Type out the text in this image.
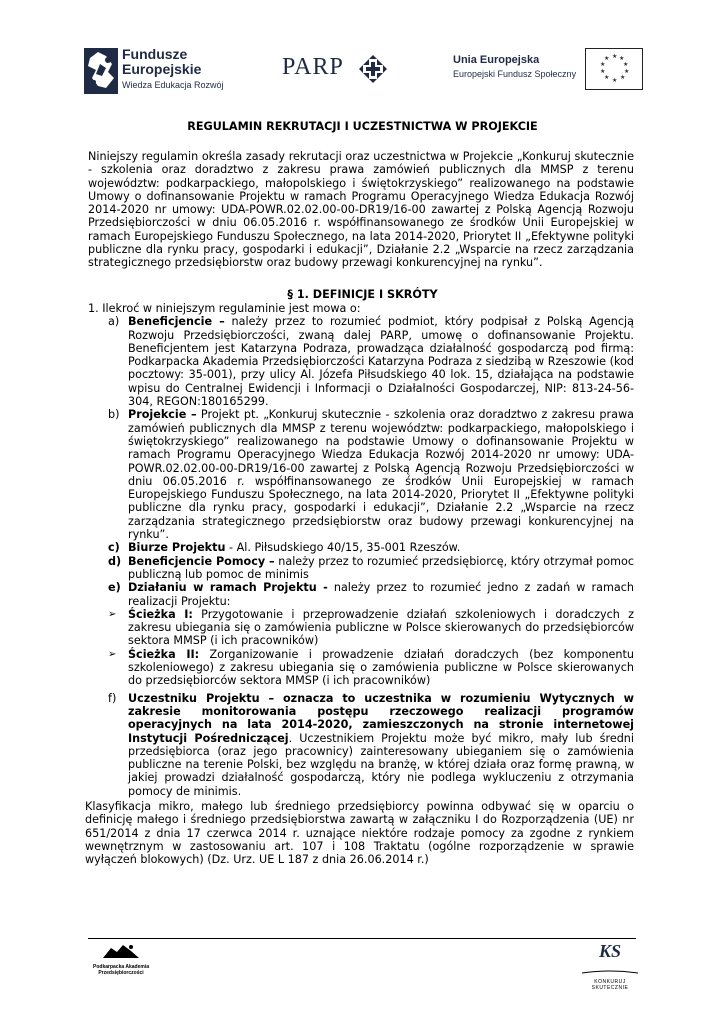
Fundusze
Europejskie
Wiedza Edukacja Rozwój
PARP	Unia Europejska
Europejski Fundusz Społeczny
★ ★
★
★
★
★
★
★
★
★
REGULAMIN REKRUTACJI I UCZESTNICTWA W PROJEKCIE
Niniejszy regulamin określa zasady rekrutacji oraz uczestnictwa w Projekcie „Konkuruj skutecznie - szkolenia oraz doradztwo z zakresu prawa zamówień publicznych dla MMSP z terenu województw: podkarpackiego, małopolskiego i świętokrzyskiego” realizowanego na podstawie Umowy o dofinansowanie Projektu w ramach Programu Operacyjnego Wiedza Edukacja Rozwój 2014-2020 nr umowy: UDA-POWR.02.02.00-00-DR19/16-00 zawartej z Polską Agencją Rozwoju Przedsiębiorczości w dniu 06.05.2016 r. współfinansowanego ze środków Unii Europejskiej w ramach Europejskiego Funduszu Społecznego, na lata 2014-2020, Priorytet II „Efektywne polityki publiczne dla rynku pracy, gospodarki i edukacji”, Działanie 2.2 „Wsparcie na rzecz zarządzania strategicznego przedsiębiorstw oraz budowy przewagi konkurencyjnej na rynku”.
§ 1. DEFINICJE I SKRÓTY
1. Ilekroć w niniejszym regulaminie jest mowa o:
a) Beneficjencie – należy przez to rozumieć podmiot, który podpisał z Polską Agencją Rozwoju Przedsiębiorczości, zwaną dalej PARP, umowę o dofinansowanie Projektu. Beneficjentem jest Katarzyna Podraza, prowadząca działalność gospodarczą pod firmą: Podkarpacka Akademia Przedsiębiorczości Katarzyna Podraza z siedzibą w Rzeszowie (kod pocztowy: 35-001), przy ulicy Al. Józefa Piłsudskiego 40 lok. 15, działająca na podstawie wpisu do Centralnej Ewidencji i Informacji o Działalności Gospodarczej, NIP: 813-24-56-304, REGON:180165299.
b) Projekcie – Projekt pt. „Konkuruj skutecznie - szkolenia oraz doradztwo z zakresu prawa zamówień publicznych dla MMSP z terenu województw: podkarpackiego, małopolskiego i świętokrzyskiego” realizowanego na podstawie Umowy o dofinansowanie Projektu w ramach Programu Operacyjnego Wiedza Edukacja Rozwój 2014-2020 nr umowy: UDA-POWR.02.02.00-00-DR19/16-00 zawartej z Polską Agencją Rozwoju Przedsiębiorczości w dniu 06.05.2016 r. współfinansowanego ze środków Unii Europejskiej w ramach Europejskiego Funduszu Społecznego, na lata 2014-2020, Priorytet II „Efektywne polityki publiczne dla rynku pracy, gospodarki i edukacji”, Działanie 2.2 „Wsparcie na rzecz zarządzania strategicznego przedsiębiorstw oraz budowy przewagi konkurencyjnej na rynku”.
c) Biurze Projektu - Al. Piłsudskiego 40/15, 35-001 Rzeszów.
d) Beneficjencie Pomocy – należy przez to rozumieć przedsiębiorcę, który otrzymał pomoc publiczną lub pomoc de minimis
e) Działaniu w ramach Projektu - należy przez to rozumieć jedno z zadań w ramach realizacji Projektu:
➢ Ścieżka I: Przygotowanie i przeprowadzenie działań szkoleniowych i doradczych z zakresu ubiegania się o zamówienia publiczne w Polsce skierowanych do przedsiębiorców sektora MMSP (i ich pracowników)
➢ Ścieżka II: Zorganizowanie i prowadzenie działań doradczych (bez komponentu szkoleniowego) z zakresu ubiegania się o zamówienia publiczne w Polsce skierowanych do przedsiębiorców sektora MMSP (i ich pracowników)
f) Uczestniku Projektu – oznacza to uczestnika w rozumieniu Wytycznych w zakresie monitorowania postępu rzeczowego realizacji programów operacyjnych na lata 2014-2020, zamieszczonych na stronie internetowej Instytucji Pośredniczącej. Uczestnikiem Projektu może być mikro, mały lub średni przedsiębiorca (oraz jego pracownicy) zainteresowany ubieganiem się o zamówienia publiczne na terenie Polski, bez względu na branżę, w której działa oraz formę prawną, w jakiej prowadzi działalność gospodarczą, który nie podlega wykluczeniu z otrzymania pomocy de minimis.
Klasyfikacja mikro, małego lub średniego przedsiębiorcy powinna odbywać się w oparciu o definicję małego i średniego przedsiębiorstwa zawartą w załączniku I do Rozporządzenia (UE) nr 651/2014 z dnia 17 czerwca 2014 r. uznające niektóre rodzaje pomocy za zgodne z rynkiem wewnętrznym w zastosowaniu art. 107 i 108 Traktatu (ogólne rozporządzenie w sprawie wyłączeń blokowych) (Dz. Urz. UE L 187 z dnia 26.06.2014 r.)
Podkarpacka Akademia
Przedsiębiorczości
KS
KONKURUJ SKUTECZNIE
